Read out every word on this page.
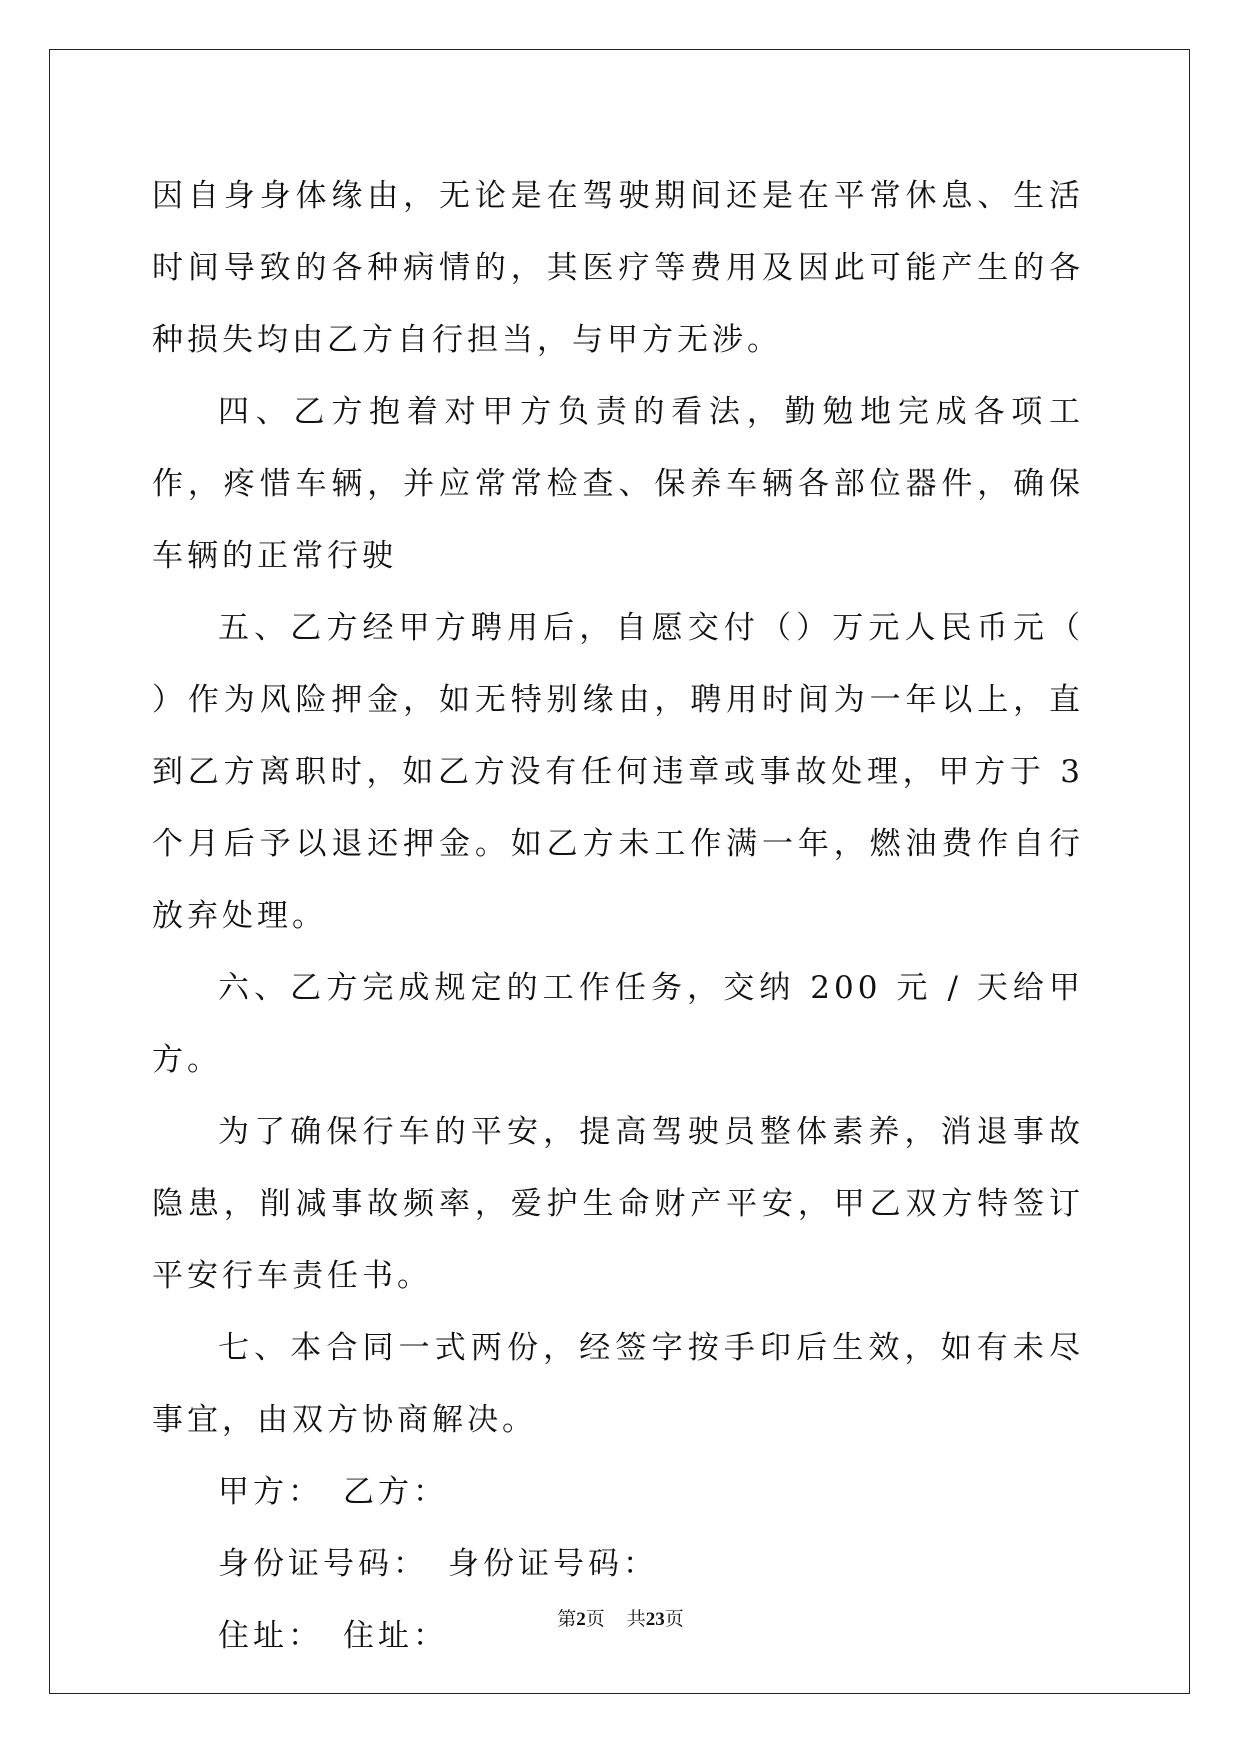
因自身身体缘由，无论是在驾驶期间还是在平常休息、生活时间导致的各种病情的，其医疗等费用及因此可能产生的各种损失均由乙方自行担当，与甲方无涉。

四、乙方抱着对甲方负责的看法，勤勉地完成各项工作，疼惜车辆，并应常常检查、保养车辆各部位器件，确保车辆的正常行驶

五、乙方经甲方聘用后，自愿交付（）万元人民币元（ ）作为风险押金，如无特别缘由，聘用时间为一年以上，直到乙方离职时，如乙方没有任何违章或事故处理，甲方于 3 个月后予以退还押金。如乙方未工作满一年，燃油费作自行放弃处理。

六、乙方完成规定的工作任务，交纳 200 元 / 天给甲方。

为了确保行车的平安，提高驾驶员整体素养，消退事故隐患，削减事故频率，爱护生命财产平安，甲乙双方特签订平安行车责任书。

七、本合同一式两份，经签字按手印后生效，如有未尽事宜，由双方协商解决。

甲方： 乙方：
身份证号码： 身份证号码：
住址： 住址：	第2页 共23页
